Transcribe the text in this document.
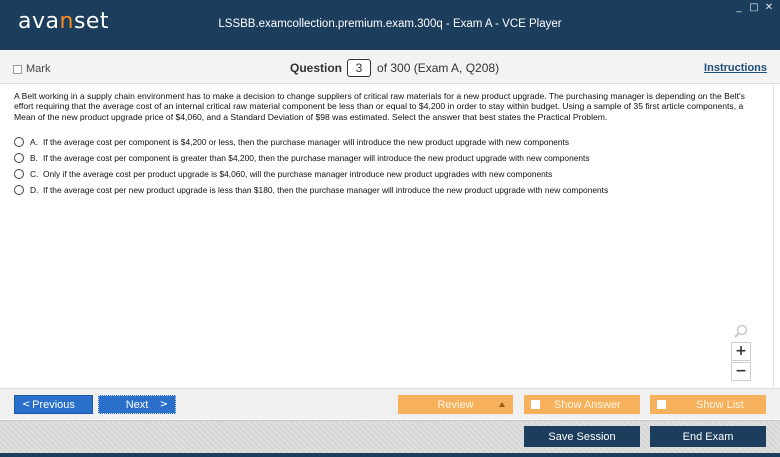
avanset	LSSBB.examcollection.premium.exam.300q - Exam A - VCE Player
_ □ ✕
Mark	Question	3	of 300 (Exam A, Q208)	Instructions
A Belt working in a supply chain environment has to make a decision to change suppliers of critical raw materials for a new product upgrade. The purchasing manager is depending on the Belt's effort requiring that the average cost of an internal critical raw material component be less than or equal to $4,200 in order to stay within budget. Using a sample of 35 first article components, a Mean of the new product upgrade price of $4,060, and a Standard Deviation of $98 was estimated. Select the answer that best states the Practical Problem.
A. If the average cost per component is $4,200 or less, then the purchase manager will introduce the new product upgrade with new components
B. If the average cost per component is greater than $4,200, then the purchase manager will introduce the new product upgrade with new components
C. Only if the average cost per product upgrade is $4,060, will the purchase manager introduce new product upgrades with new components
D. If the average cost per new product upgrade is less than $180, then the purchase manager will introduce the new product upgrade with new components
+
−
< Previous	Next >	Review	Show Answer	Show List
Save Session	End Exam
